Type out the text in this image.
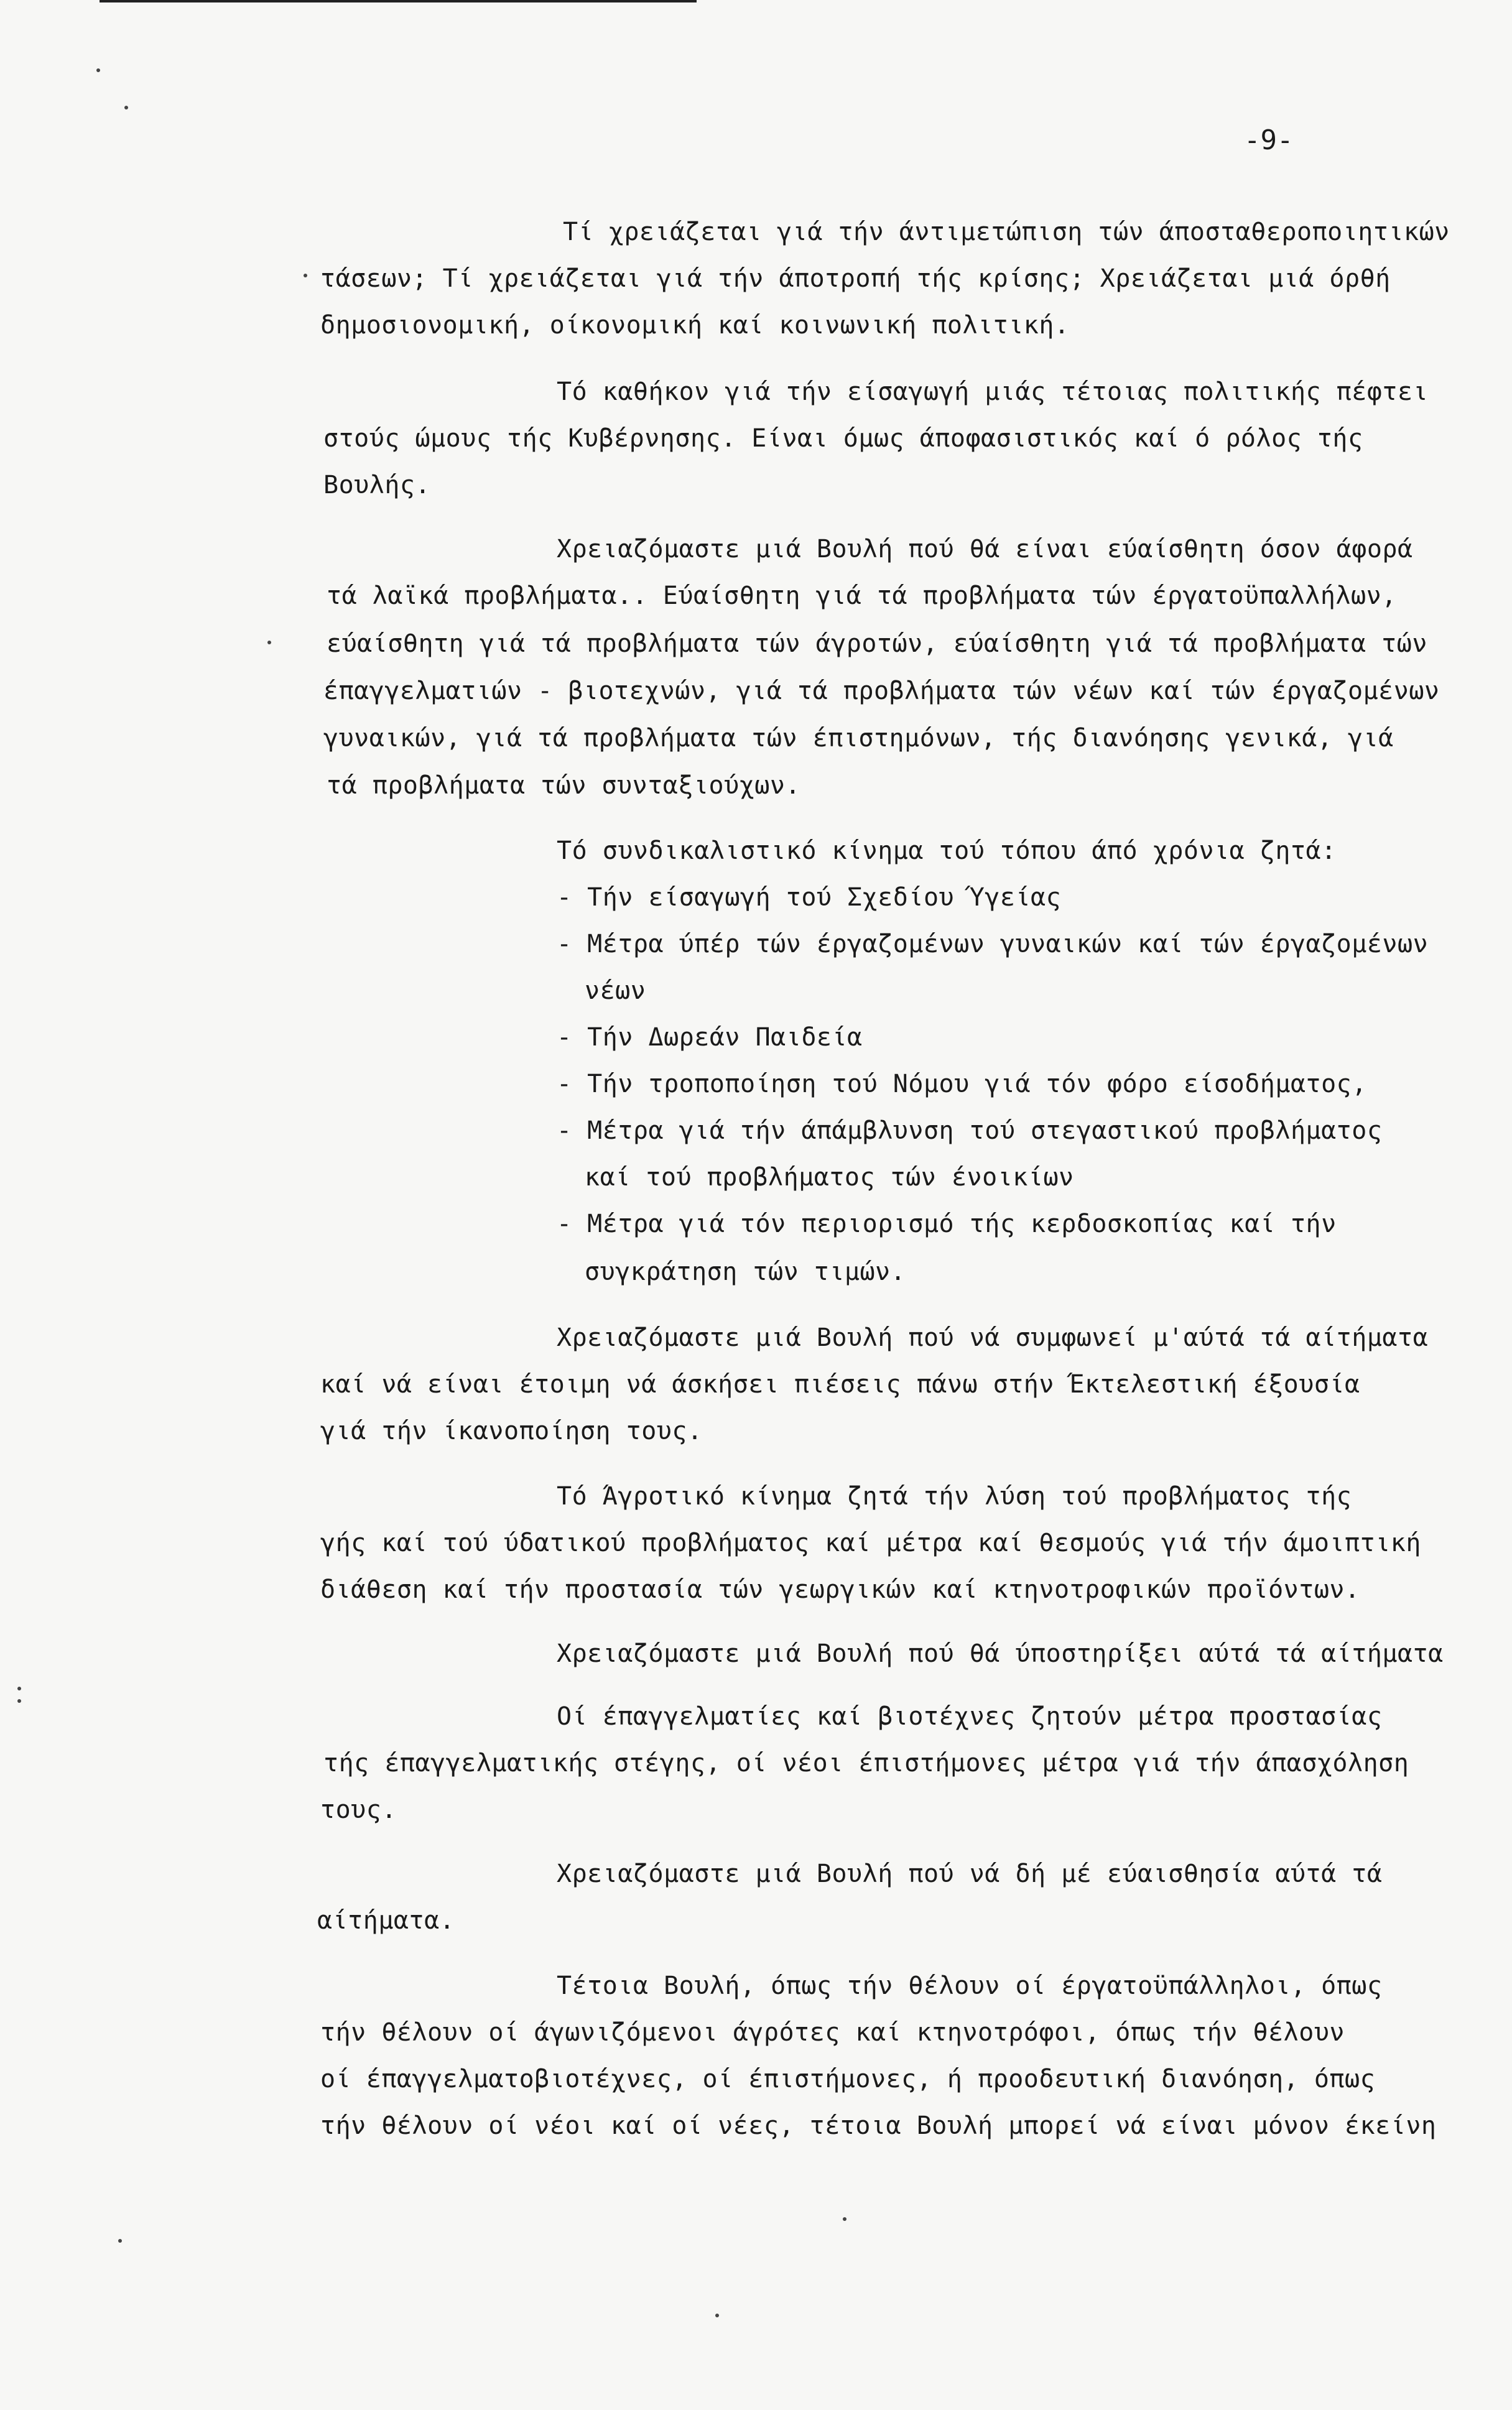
-9-
Τί χρειάζεται γιά τήν άντιμετώπιση τών άποσταθεροποιητικών
τάσεων; Τί χρειάζεται γιά τήν άποτροπή τής κρίσης; Χρειάζεται μιά όρθή
δημοσιονομική, οίκονομική καί κοινωνική πολιτική.
Τό καθήκον γιά τήν είσαγωγή μιάς τέτοιας πολιτικής πέφτει
στούς ώμους τής Κυβέρνησης. Είναι όμως άποφασιστικός καί ό ρόλος τής
Βουλής.
Χρειαζόμαστε μιά Βουλή πού θά είναι εύαίσθητη όσον άφορά
τά λαϊκά προβλήματα.. Εύαίσθητη γιά τά προβλήματα τών έργατοϋπαλλήλων,
εύαίσθητη γιά τά προβλήματα τών άγροτών, εύαίσθητη γιά τά προβλήματα τών
έπαγγελματιών - βιοτεχνών, γιά τά προβλήματα τών νέων καί τών έργαζομένων
γυναικών, γιά τά προβλήματα τών έπιστημόνων, τής διανόησης γενικά, γιά
τά προβλήματα τών συνταξιούχων.
Τό συνδικαλιστικό κίνημα τού τόπου άπό χρόνια ζητά:
- Τήν είσαγωγή τού Σχεδίου Ύγείας
- Μέτρα ύπέρ τών έργαζομένων γυναικών καί τών έργαζομένων
νέων
- Τήν Δωρεάν Παιδεία
- Τήν τροποποίηση τού Νόμου γιά τόν φόρο είσοδήματος,
- Μέτρα γιά τήν άπάμβλυνση τού στεγαστικού προβλήματος
καί τού προβλήματος τών ένοικίων
- Μέτρα γιά τόν περιορισμό τής κερδοσκοπίας καί τήν
συγκράτηση τών τιμών.
Χρειαζόμαστε μιά Βουλή πού νά συμφωνεί μ'αύτά τά αίτήματα
καί νά είναι έτοιμη νά άσκήσει πιέσεις πάνω στήν Έκτελεστική έξουσία
γιά τήν ίκανοποίηση τους.
Τό Άγροτικό κίνημα ζητά τήν λύση τού προβλήματος τής
γής καί τού ύδατικού προβλήματος καί μέτρα καί θεσμούς γιά τήν άμοιπτική
διάθεση καί τήν προστασία τών γεωργικών καί κτηνοτροφικών προϊόντων.
Χρειαζόμαστε μιά Βουλή πού θά ύποστηρίξει αύτά τά αίτήματα
Οί έπαγγελματίες καί βιοτέχνες ζητούν μέτρα προστασίας
τής έπαγγελματικής στέγης, οί νέοι έπιστήμονες μέτρα γιά τήν άπασχόληση
τους.
Χρειαζόμαστε μιά Βουλή πού νά δή μέ εύαισθησία αύτά τά
αίτήματα.
Τέτοια Βουλή, όπως τήν θέλουν οί έργατοϋπάλληλοι, όπως
τήν θέλουν οί άγωνιζόμενοι άγρότες καί κτηνοτρόφοι, όπως τήν θέλουν
οί έπαγγελματοβιοτέχνες, οί έπιστήμονες, ή προοδευτική διανόηση, όπως
τήν θέλουν οί νέοι καί οί νέες, τέτοια Βουλή μπορεί νά είναι μόνον έκείνη
